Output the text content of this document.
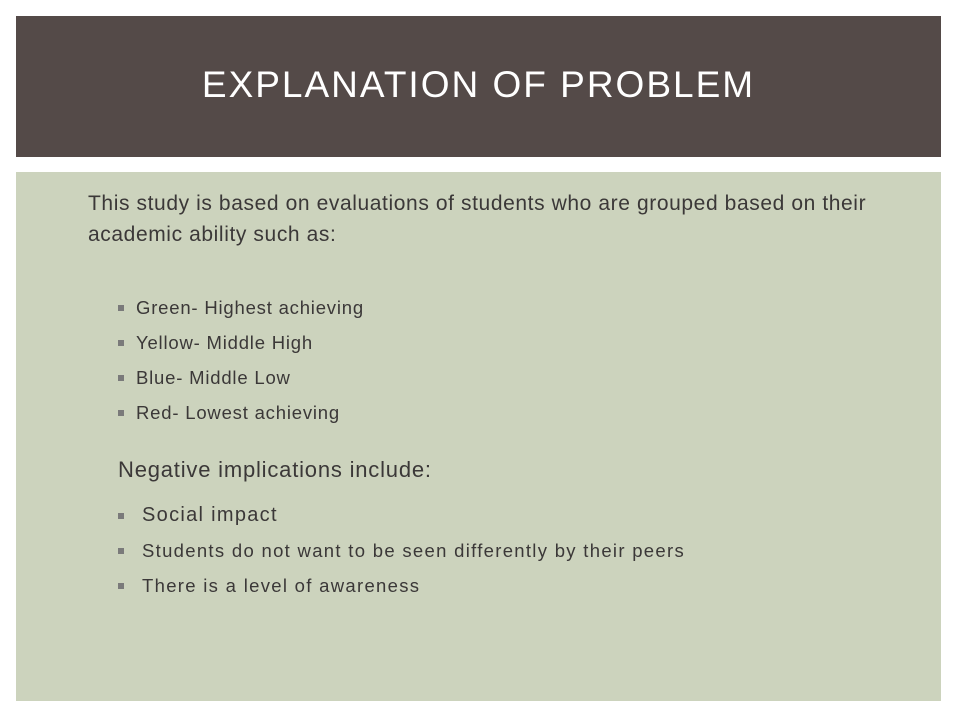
EXPLANATION OF PROBLEM

This study is based on evaluations of students who are grouped based on their academic ability such as:

Green- Highest achieving
Yellow- Middle High
Blue- Middle Low
Red- Lowest achieving

Negative implications include:

Social impact
Students do not want to be seen differently by their peers
There is a level of awareness
